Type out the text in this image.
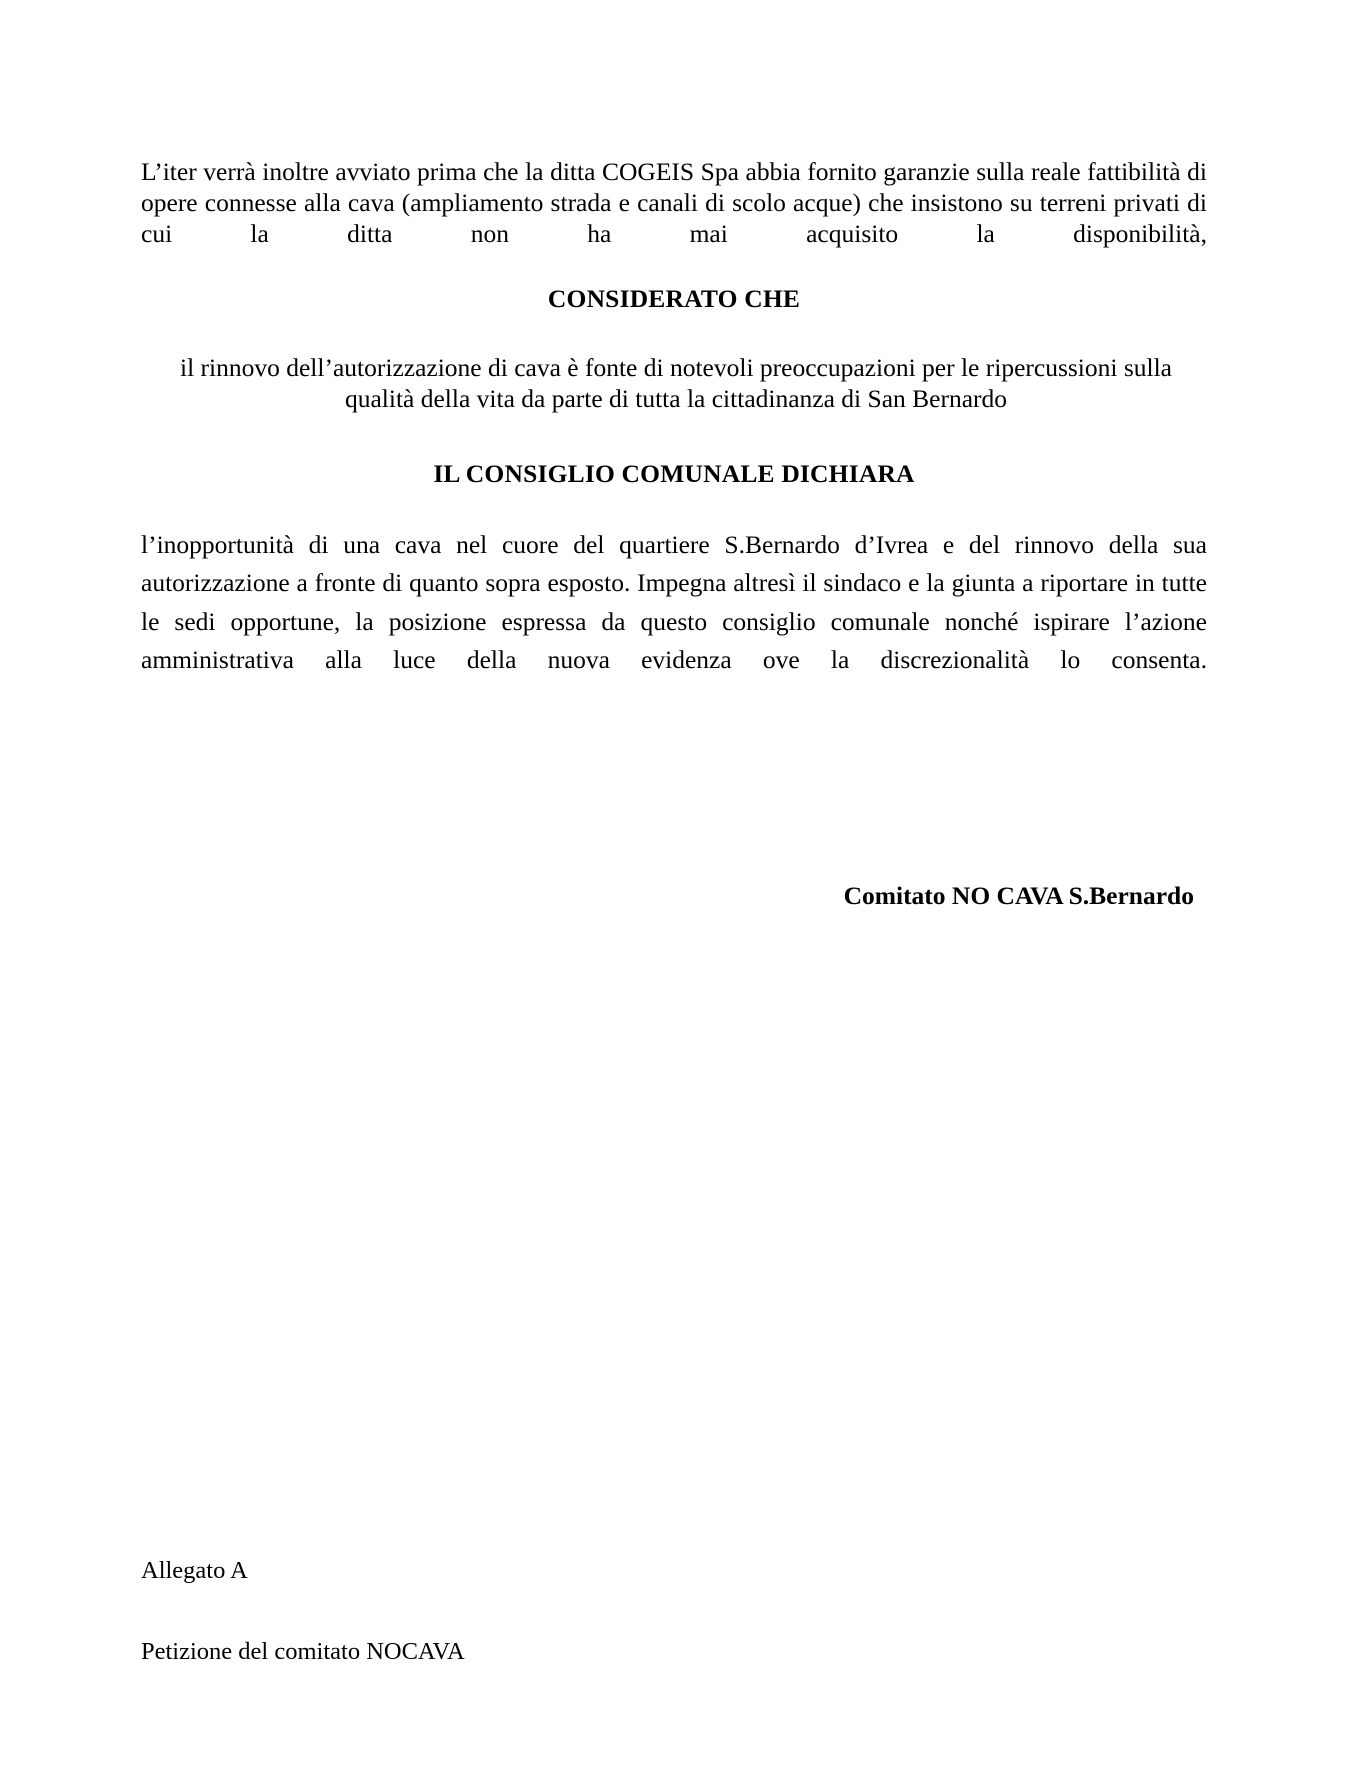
L’iter verrà inoltre avviato prima che la ditta COGEIS Spa abbia fornito garanzie sulla reale fattibilità di opere connesse alla cava (ampliamento strada e canali di scolo acque) che insistono su terreni privati di cui la ditta non ha mai acquisito la disponibilità,

CONSIDERATO CHE

il rinnovo dell’autorizzazione di cava è fonte di notevoli preoccupazioni per le ripercussioni sulla qualità della vita da parte di tutta la cittadinanza di San Bernardo

IL CONSIGLIO COMUNALE DICHIARA

l’inopportunità di una cava nel cuore del quartiere S.Bernardo d’Ivrea e del rinnovo della sua autorizzazione a fronte di quanto sopra esposto. Impegna altresì il sindaco e la giunta a riportare in tutte le sedi opportune, la posizione espressa da questo consiglio comunale nonché ispirare l’azione amministrativa alla luce della nuova evidenza ove la discrezionalità lo consenta.

Comitato NO CAVA S.Bernardo
Allegato A
Petizione del comitato NOCAVA
